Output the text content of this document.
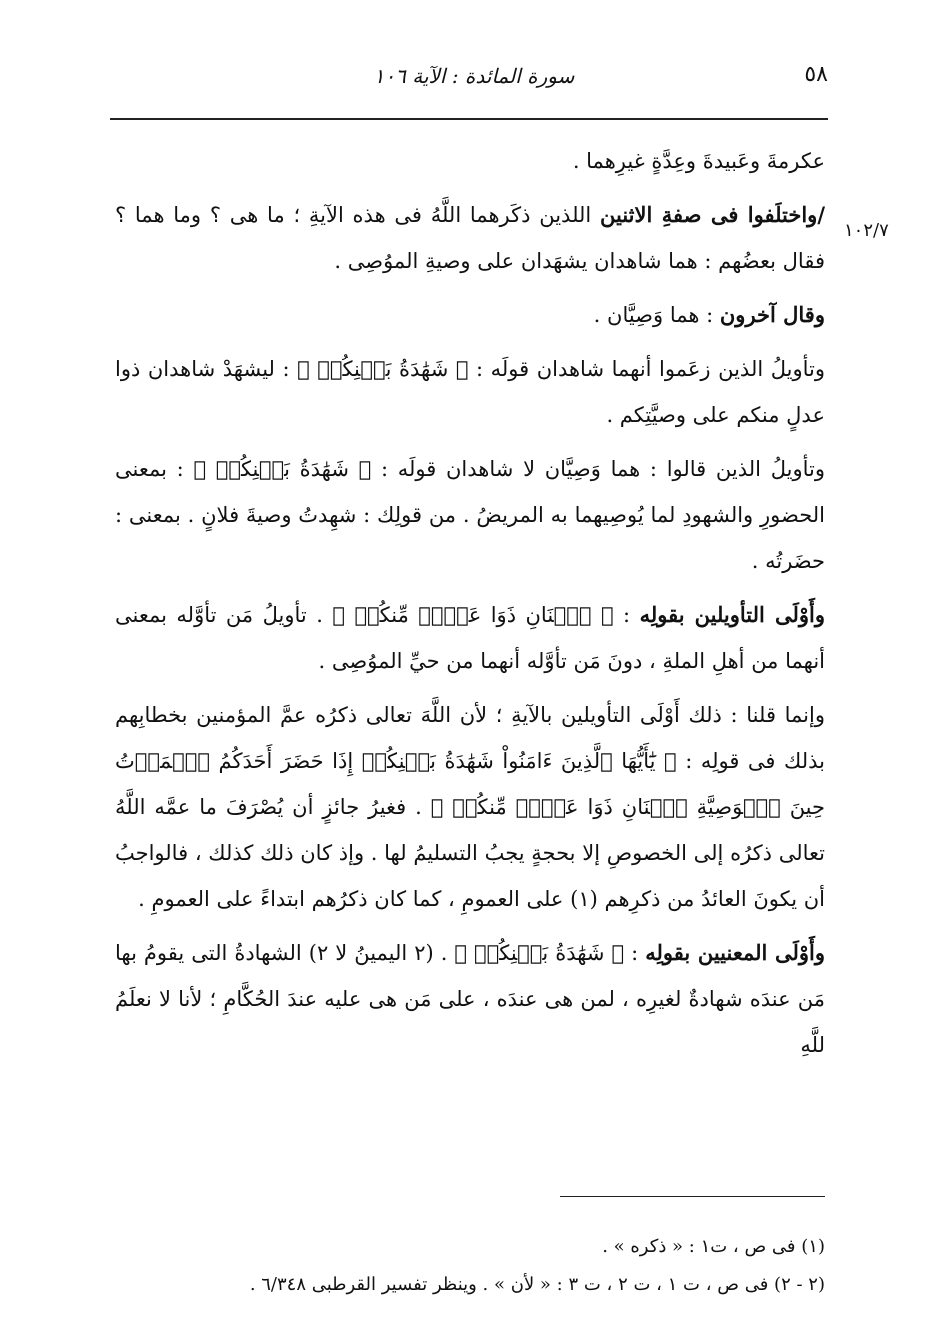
٥٨
سورة المائدة : الآية ١٠٦
١٠٢/٧

عكرمةَ وعَبيدةَ وعِدَّةٍ غيرِهما .

/واختلَفوا فى صفةِ الاثنين اللذين ذكَرهما اللَّهُ فى هذه الآيةِ ؛ ما هى ؟ وما هما ؟ فقال بعضُهم : هما شاهدان يشهَدان على وصيةِ الموُصِى .

وقال آخرون : هما وَصِيَّان .

وتأويلُ الذين زعَموا أنهما شاهدان قولَه : ﴿ شَهَٰدَةُ بَيۡنِكُمۡ ﴾ : ليشهَدْ شاهدان ذوا عدلٍ منكم على وصيَّتِكم .

وتأويلُ الذين قالوا : هما وَصِيَّان لا شاهدان قولَه : ﴿ شَهَٰدَةُ بَيۡنِكُمۡ ﴾ : بمعنى الحضورِ والشهودِ لما يُوصِيهما به المريضُ . من قولِك : شهِدتُ وصيةَ فلانٍ . بمعنى : حضَرتُه .

وأَوْلَى التأويلين بقولِه : ﴿ ٱثۡنَانِ ذَوَا عَدۡلٖ مِّنكُمۡ ﴾ . تأويلُ مَن تأوَّله بمعنى أنهما من أهلِ الملةِ ، دونَ مَن تأوَّله أنهما من حيِّ الموُصِى .

وإنما قلنا : ذلك أَوْلَى التأويلين بالآيةِ ؛ لأن اللَّهَ تعالى ذكرُه عمَّ المؤمنين بخطابِهم بذلك فى قولِه : ﴿ يَٰٓأَيُّهَا ٱلَّذِينَ ءَامَنُواْ شَهَٰدَةُ بَيۡنِكُمۡ إِذَا حَضَرَ أَحَدَكُمُ ٱلۡمَوۡتُ حِينَ ٱلۡوَصِيَّةِ ٱثۡنَانِ ذَوَا عَدۡلٖ مِّنكُمۡ ﴾ . فغيرُ جائزٍ أن يُصْرَفَ ما عمَّه اللَّهُ تعالى ذكرُه إلى الخصوصِ إلا بحجةٍ يجبُ التسليمُ لها . وإذ كان ذلك كذلك ، فالواجبُ أن يكونَ العائدُ من ذكرِهم (١) على العمومِ ، كما كان ذكرُهم ابتداءً على العمومِ .

وأَوْلَى المعنيين بقولِه : ﴿ شَهَٰدَةُ بَيۡنِكُمۡ ﴾ . (٢ اليمينُ لا ٢) الشهادةُ التى يقومُ بها مَن عندَه شهادةٌ لغيرِه ، لمن هى عندَه ، على مَن هى عليه عندَ الحُكَّامِ ؛ لأنا لا نعلَمُ للَّهِ

(١) فى ص ، ت١ : « ذكره » .
(٢ - ٢) فى ص ، ت ١ ، ت ٢ ، ت ٣ : « لأن » . وينظر تفسير القرطبى ٦/٣٤٨ .
